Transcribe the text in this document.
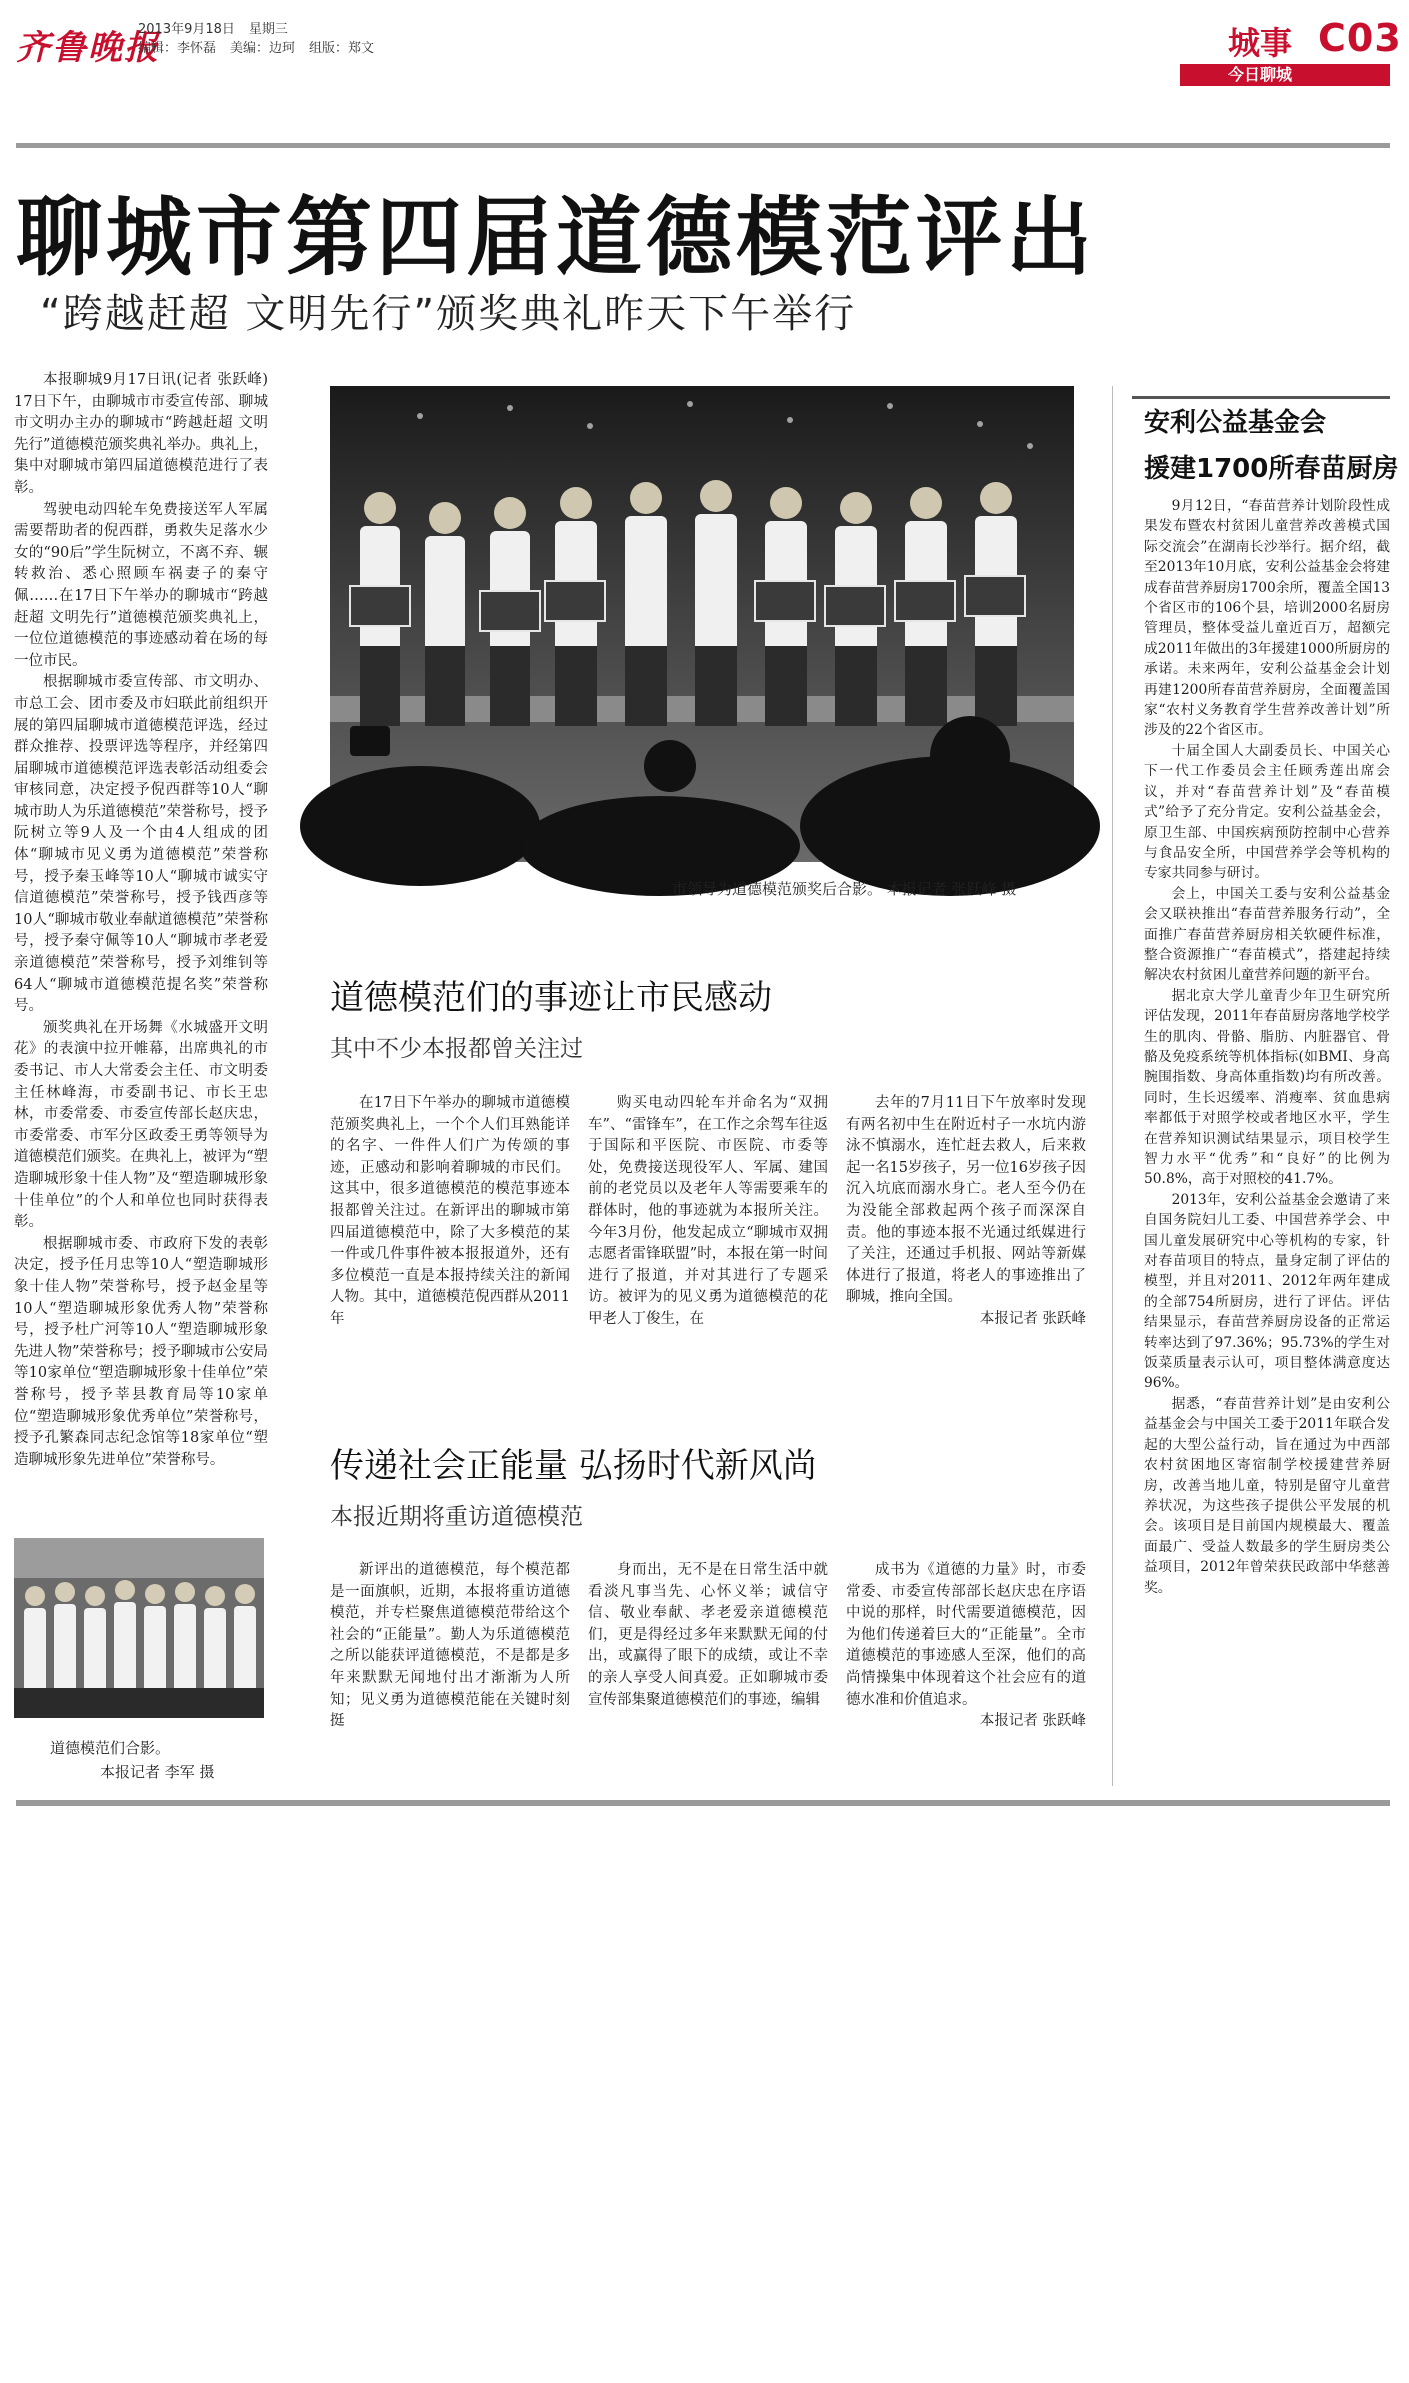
齐鲁晚报
2013年9月18日 星期三
编辑：李怀磊 美编：边珂 组版：郑文	城事 C03
今日聊城
聊城市第四届道德模范评出
“跨越赶超 文明先行”颁奖典礼昨天下午举行

本报聊城9月17日讯(记者 张跃峰) 17日下午，由聊城市市委宣传部、聊城市文明办主办的聊城市“跨越赶超 文明先行”道德模范颁奖典礼举办。典礼上，集中对聊城市第四届道德模范进行了表彰。

驾驶电动四轮车免费接送军人军属需要帮助者的倪西群，勇救失足落水少女的“90后”学生阮树立，不离不弃、辗转救治、悉心照顾车祸妻子的秦守佩……在17日下午举办的聊城市“跨越赶超 文明先行”道德模范颁奖典礼上，一位位道德模范的事迹感动着在场的每一位市民。

根据聊城市委宣传部、市文明办、市总工会、团市委及市妇联此前组织开展的第四届聊城市道德模范评选，经过群众推荐、投票评选等程序，并经第四届聊城市道德模范评选表彰活动组委会审核同意，决定授予倪西群等10人“聊城市助人为乐道德模范”荣誉称号，授予阮树立等9人及一个由4人组成的团体“聊城市见义勇为道德模范”荣誉称号，授予秦玉峰等10人“聊城市诚实守信道德模范”荣誉称号，授予钱西彦等10人“聊城市敬业奉献道德模范”荣誉称号，授予秦守佩等10人“聊城市孝老爱亲道德模范”荣誉称号，授予刘维钊等64人“聊城市道德模范提名奖”荣誉称号。

颁奖典礼在开场舞《水城盛开文明花》的表演中拉开帷幕，出席典礼的市委书记、市人大常委会主任、市文明委主任林峰海，市委副书记、市长王忠林，市委常委、市委宣传部长赵庆忠，市委常委、市军分区政委王勇等领导为道德模范们颁奖。在典礼上，被评为“塑造聊城形象十佳人物”及“塑造聊城形象十佳单位”的个人和单位也同时获得表彰。

根据聊城市委、市政府下发的表彰决定，授予任月忠等10人“塑造聊城形象十佳人物”荣誉称号，授予赵金星等10人“塑造聊城形象优秀人物”荣誉称号，授予杜广河等10人“塑造聊城形象先进人物”荣誉称号；授予聊城市公安局等10家单位“塑造聊城形象十佳单位”荣誉称号，授予莘县教育局等10家单位“塑造聊城形象优秀单位”荣誉称号，授予孔繁森同志纪念馆等18家单位“塑造聊城形象先进单位”荣誉称号。

市领导为道德模范颁奖后合影。 本报记者 张跃峰 摄
道德模范们的事迹让市民感动
其中不少本报都曾关注过

在17日下午举办的聊城市道德模范颁奖典礼上，一个个人们耳熟能详的名字、一件件人们广为传颂的事迹，正感动和影响着聊城的市民们。这其中，很多道德模范的模范事迹本报都曾关注过。在新评出的聊城市第四届道德模范中，除了大多模范的某一件或几件事件被本报报道外，还有多位模范一直是本报持续关注的新闻人物。其中，道德模范倪西群从2011年

购买电动四轮车并命名为“双拥车”、“雷锋车”，在工作之余驾车往返于国际和平医院、市医院、市委等处，免费接送现役军人、军属、建国前的老党员以及老年人等需要乘车的群体时，他的事迹就为本报所关注。今年3月份，他发起成立“聊城市双拥志愿者雷锋联盟”时，本报在第一时间进行了报道，并对其进行了专题采访。被评为的见义勇为道德模范的花甲老人丁俊生，在

去年的7月11日下午放率时发现有两名初中生在附近村子一水坑内游泳不慎溺水，连忙赶去救人，后来救起一名15岁孩子，另一位16岁孩子因沉入坑底而溺水身亡。老人至今仍在为没能全部救起两个孩子而深深自责。他的事迹本报不光通过纸媒进行了关注，还通过手机报、网站等新媒体进行了报道，将老人的事迹推出了聊城，推向全国。

本报记者 张跃峰
传递社会正能量 弘扬时代新风尚
本报近期将重访道德模范

新评出的道德模范，每个模范都是一面旗帜，近期，本报将重访道德模范，并专栏聚焦道德模范带给这个社会的“正能量”。勤人为乐道德模范之所以能获评道德模范，不是都是多年来默默无闻地付出才渐渐为人所知；见义勇为道德模范能在关键时刻挺

身而出，无不是在日常生活中就看淡凡事当先、心怀义举；诚信守信、敬业奉献、孝老爱亲道德模范们，更是得经过多年来默默无闻的付出，或赢得了眼下的成绩，或让不幸的亲人享受人间真爱。正如聊城市委宣传部集聚道德模范们的事迹，编辑

成书为《道德的力量》时，市委常委、市委宣传部部长赵庆忠在序语中说的那样，时代需要道德模范，因为他们传递着巨大的“正能量”。全市道德模范的事迹感人至深，他们的高尚情操集中体现着这个社会应有的道德水准和价值追求。

本报记者 张跃峰
道德模范们合影。
本报记者 李军 摄
安利公益基金会
援建1700所春苗厨房

9月12日，“春苗营养计划阶段性成果发布暨农村贫困儿童营养改善模式国际交流会”在湖南长沙举行。据介绍，截至2013年10月底，安利公益基金会将建成春苗营养厨房1700余所，覆盖全国13个省区市的106个县，培训2000名厨房管理员，整体受益儿童近百万，超额完成2011年做出的3年援建1000所厨房的承诺。未来两年，安利公益基金会计划再建1200所春苗营养厨房，全面覆盖国家“农村义务教育学生营养改善计划”所涉及的22个省区市。

十届全国人大副委员长、中国关心下一代工作委员会主任顾秀莲出席会议，并对“春苗营养计划”及“春苗模式”给予了充分肯定。安利公益基金会，原卫生部、中国疾病预防控制中心营养与食品安全所，中国营养学会等机构的专家共同参与研讨。

会上，中国关工委与安利公益基金会又联袂推出“春苗营养服务行动”，全面推广春苗营养厨房相关软硬件标准，整合资源推广“春苗模式”，搭建起持续解决农村贫困儿童营养问题的新平台。

据北京大学儿童青少年卫生研究所评估发现，2011年春苗厨房落地学校学生的肌肉、骨骼、脂肪、内脏器官、骨骼及免疫系统等机体指标(如BMI、身高腕围指数、身高体重指数)均有所改善。同时，生长迟缓率、消瘦率、贫血患病率都低于对照学校或者地区水平，学生在营养知识测试结果显示，项目校学生智力水平“优秀”和“良好”的比例为50.8%，高于对照校的41.7%。

2013年，安利公益基金会邀请了来自国务院妇儿工委、中国营养学会、中国儿童发展研究中心等机构的专家，针对春苗项目的特点，量身定制了评估的模型，并且对2011、2012年两年建成的全部754所厨房，进行了评估。评估结果显示，春苗营养厨房设备的正常运转率达到了97.36%；95.73%的学生对饭菜质量表示认可，项目整体满意度达96%。

据悉，“春苗营养计划”是由安利公益基金会与中国关工委于2011年联合发起的大型公益行动，旨在通过为中西部农村贫困地区寄宿制学校援建营养厨房，改善当地儿童，特别是留守儿童营养状况，为这些孩子提供公平发展的机会。该项目是目前国内规模最大、覆盖面最广、受益人数最多的学生厨房类公益项目，2012年曾荣获民政部中华慈善奖。
